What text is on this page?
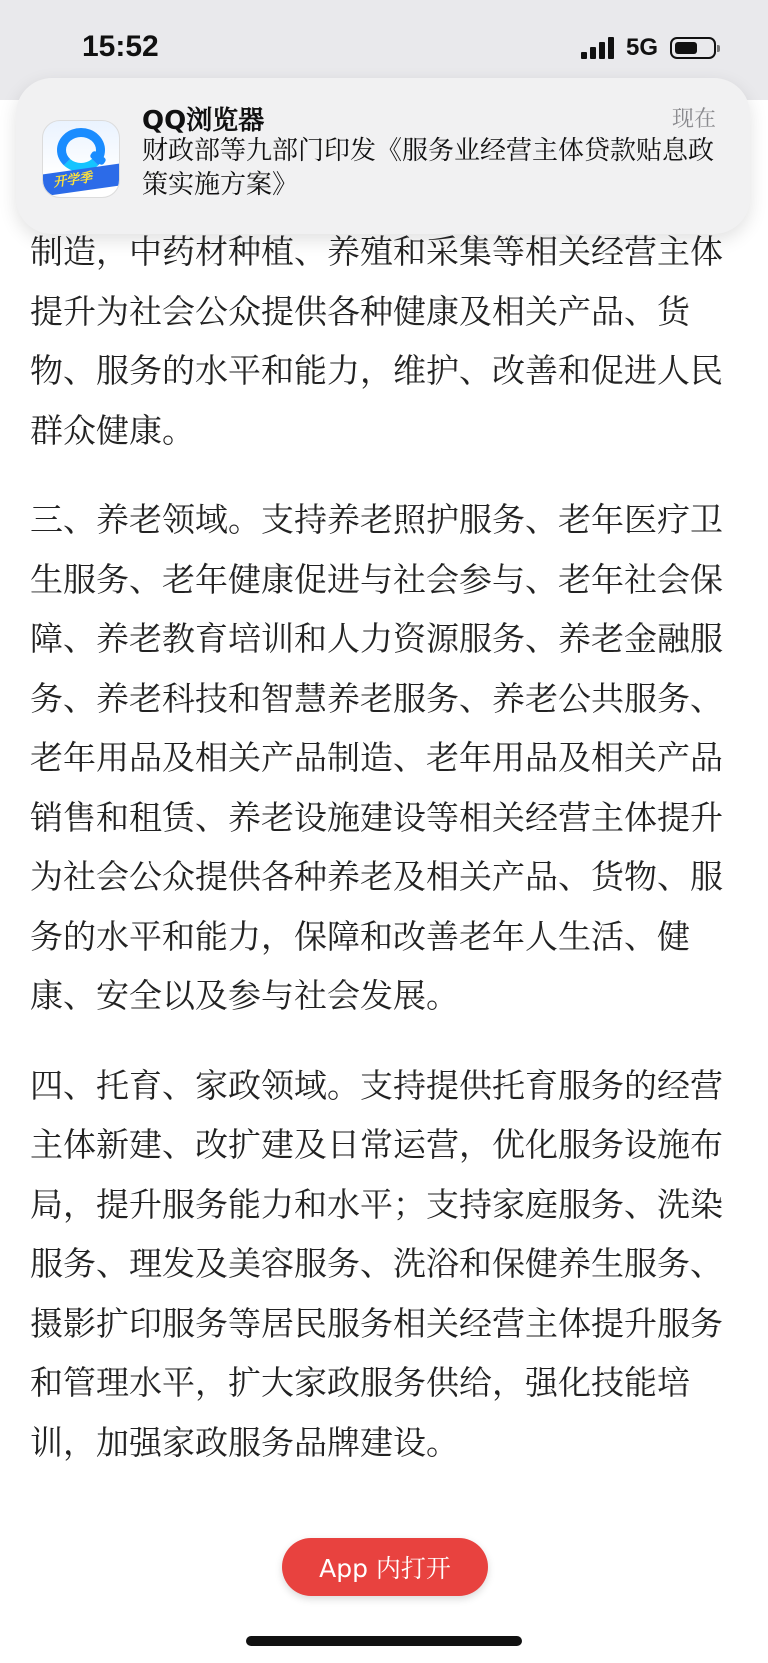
15:52	5G
开学季
QQ浏览器	现在
财政部等九部门印发《服务业经营主体贷款贴息政策实施方案》

制造，中药材种植、养殖和采集等相关经营主体提升为社会公众提供各种健康及相关产品、货物、服务的水平和能力，维护、改善和促进人民群众健康。

三、养老领域。支持养老照护服务、老年医疗卫生服务、老年健康促进与社会参与、老年社会保障、养老教育培训和人力资源服务、养老金融服务、养老科技和智慧养老服务、养老公共服务、老年用品及相关产品制造、老年用品及相关产品销售和租赁、养老设施建设等相关经营主体提升为社会公众提供各种养老及相关产品、货物、服务的水平和能力，保障和改善老年人生活、健康、安全以及参与社会发展。

四、托育、家政领域。支持提供托育服务的经营主体新建、改扩建及日常运营，优化服务设施布局，提升服务能力和水平；支持家庭服务、洗染服务、理发及美容服务、洗浴和保健养生服务、摄影扩印服务等居民服务相关经营主体提升服务和管理水平，扩大家政服务供给，强化技能培训，加强家政服务品牌建设。

App 内打开
